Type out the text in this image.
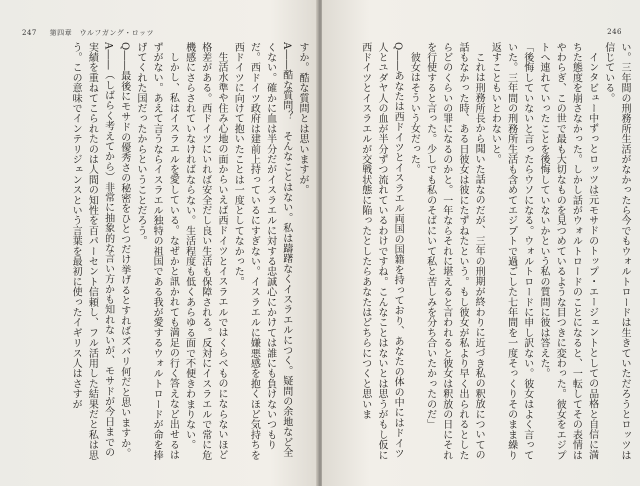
247 第四章　ウルフガング・ロッツ

すか。酷な質問とは思いますが。

A――酷な質問？　そんなことはない。私は躊躇なくイスラエルにつく。疑問の余地など全くない。確かに血は半分だがイスラエルに対する忠誠心にかけては誰にも負けないつもりだ。西ドイツ政府は建前上持っているにすぎない。イスラエルに嫌悪感を抱くほど気持ちを西ドイツに向けて抱いたことは一度としてなかった。

生活水準や住み心地の面からいえば西ドイツとイスラエルではくらべものにならないほど格差がある。西ドイツにいれば安全だし良い生活も保障される。反対にイスラエルで常に危機感にさらされていなければならない。生活程度も低くあらゆる面で不便きわまりない。

しかし、私はイスラエルを愛している。なぜかと訊かれても満足の行く答えなど出せるはずがない。あえて言うならイスラエル独特の祖国である我が愛するウォルトロードが命を捧げてくれた国だったからということだろう。

Q――最後にモサドの優秀さの秘密をひとつだけ挙げるとすればズバリ何だと思いますか。

A――（しばらく考えてから）非常に抽象的な言い方かも知れないが、モサドが今日までの実績を重ねてこられたのは人間の知性を百パーセント信頼し、フル活用した結果だと私は思う。この意味でインテリジェンスという言葉を最初に使ったイギリス人はさすが

246

い。三年間の刑務所生活がなかったら今でもウォルトロードは生きていただろうとロッツは信じている。

インタビュー中ずっとロッツは元モサドのトップ・エージェントとしての品格と自信に満ちた態度を崩さなかった。しかし話がウォルトロードのことになると、一転してその表情はやわらぎ、この世で最も大切なものを見つめているような目つきに変わった。彼女をエジプトへ連れていったことを後悔していないかという私の質問に彼は答えた。

「後悔していないと言ったらウソになる。ウォルトロードに申し訳ない。彼女はよく言っていた。三年間の刑務所生活も含めてエジプトで過ごした七年間を一度そっくりそのまま繰り返すこともいとわないと。

これは刑務所長から聞いた話なのだが、三年の刑期が終わりに近づき私の釈放についての話もなかった時、ある日彼女は彼にたずねたという。もし彼女が私より早く出られるとしたらどのくらいの罪になるのかと。一年ならそれに堪えると言われると彼女は釈放の日にそれを行使すると言った。少しでも私のそばにいて私と苦しみを分ち合いたかったのだ」

彼女はそういう女だった。

Q――あなたは西ドイツとイスラエル両国の国籍を持っており、あなたの体の中にはドイツ人とユダヤ人の血が半分ずつ流れているわけですね。こんなことはないとは思うがもし仮に西ドイツとイスラエルが交戦状態に陥ったとしたらあなたはどちらにつくと思いま
